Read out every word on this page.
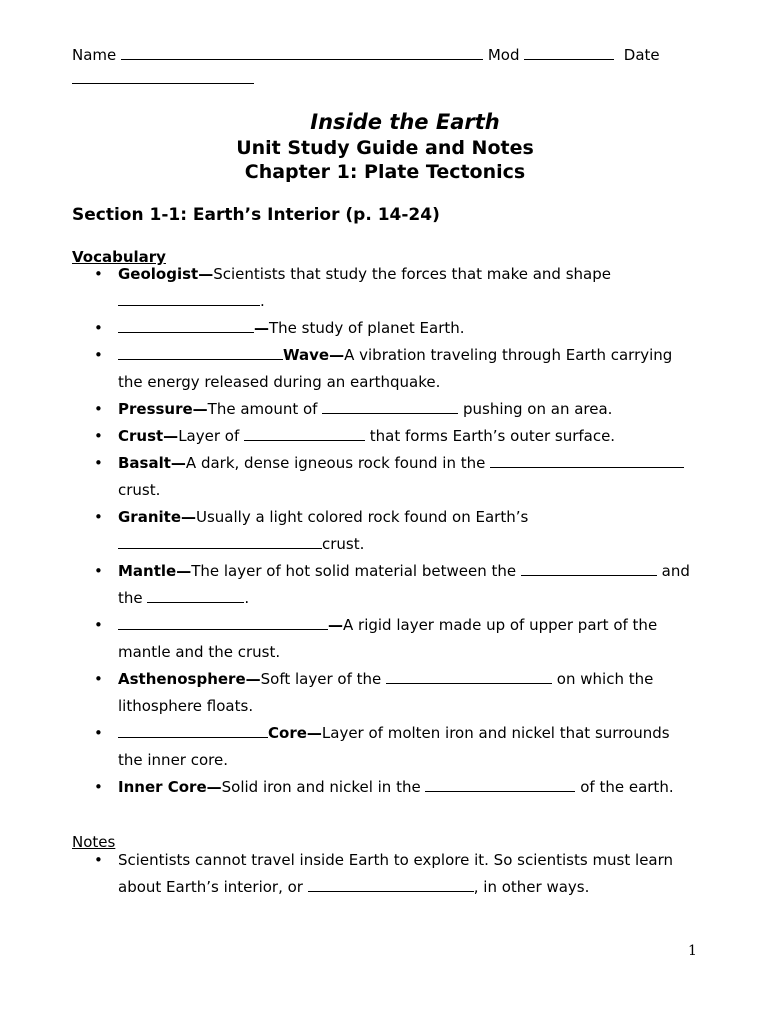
Name	Mod	Date

Inside the Earth
Unit Study Guide and Notes
Chapter 1: Plate Tectonics
Section 1-1: Earth’s Interior (p. 14-24)
Vocabulary
• Geologist—Scientists that study the forces that make and shape
.
•	—The study of planet Earth.
•	Wave—A vibration traveling through Earth carrying
the energy released during an earthquake.
• Pressure—The amount of	pushing on an area.
• Crust—Layer of	that forms Earth’s outer surface.
• Basalt—A dark, dense igneous rock found in the
crust.
• Granite—Usually a light colored rock found on Earth’s
crust.
• Mantle—The layer of hot solid material between the	and
the	.
•	—A rigid layer made up of upper part of the
mantle and the crust.
• Asthenosphere—Soft layer of the	on which the
lithosphere floats.
•	Core—Layer of molten iron and nickel that surrounds
the inner core.
• Inner Core—Solid iron and nickel in the	of the earth.
Notes
• Scientists cannot travel inside Earth to explore it. So scientists must learn
about Earth’s interior, or	, in other ways.
1
